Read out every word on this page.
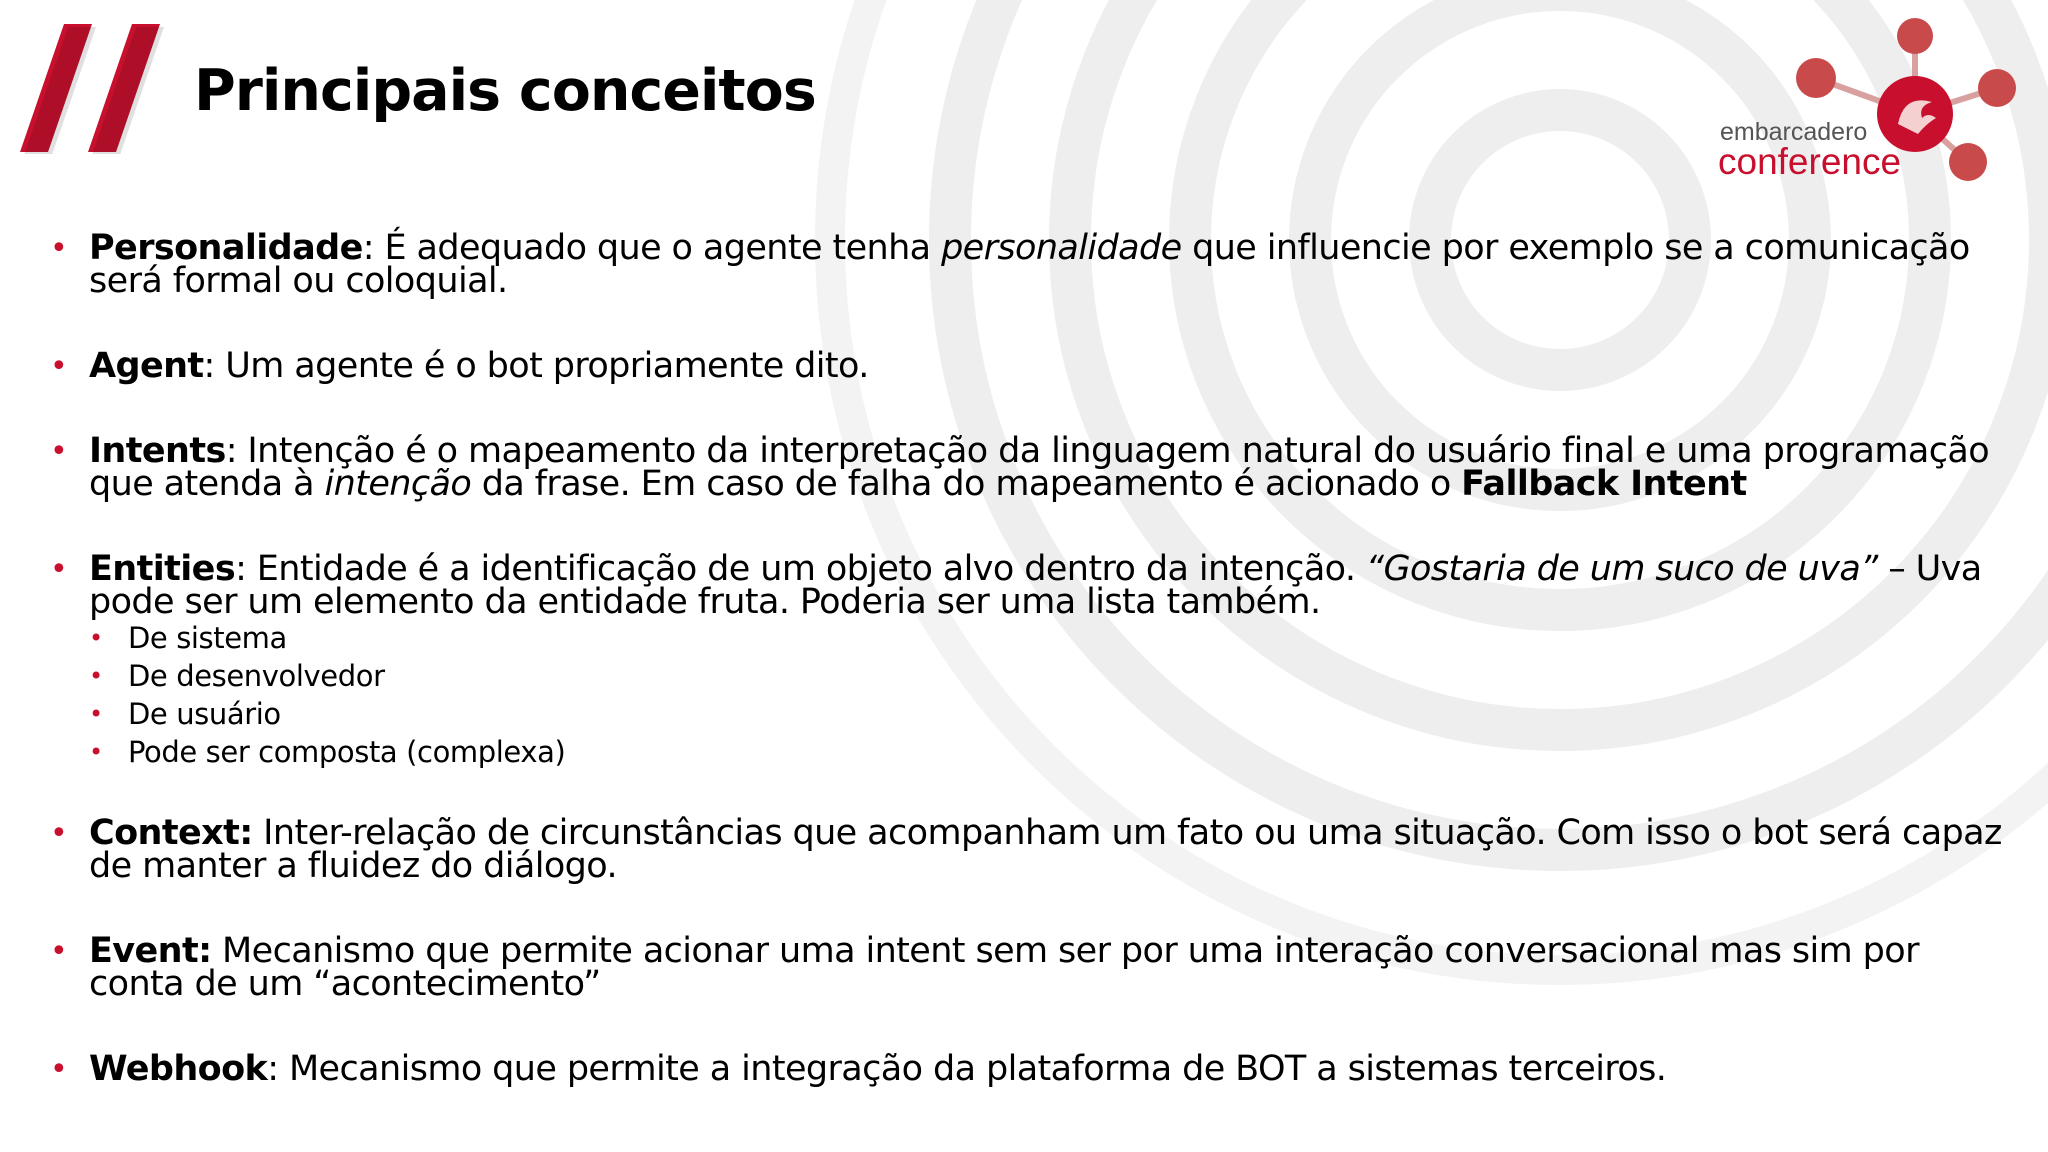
Principais conceitos
embarcadero
conference
• Personalidade: É adequado que o agente tenha personalidade que influencie por exemplo se a comunicação será formal ou coloquial.
• Agent: Um agente é o bot propriamente dito.
• Intents: Intenção é o mapeamento da interpretação da linguagem natural do usuário final e uma programação que atenda à intenção da frase. Em caso de falha do mapeamento é acionado o Fallback Intent
• Entities: Entidade é a identificação de um objeto alvo dentro da intenção. “Gostaria de um suco de uva” – Uva pode ser um elemento da entidade fruta. Poderia ser uma lista também.
• De sistema
• De desenvolvedor
• De usuário
• Pode ser composta (complexa)
• Context: Inter-relação de circunstâncias que acompanham um fato ou uma situação. Com isso o bot será capaz de manter a fluidez do diálogo.
• Event: Mecanismo que permite acionar uma intent sem ser por uma interação conversacional mas sim por conta de um “acontecimento”
• Webhook: Mecanismo que permite a integração da plataforma de BOT a sistemas terceiros.
